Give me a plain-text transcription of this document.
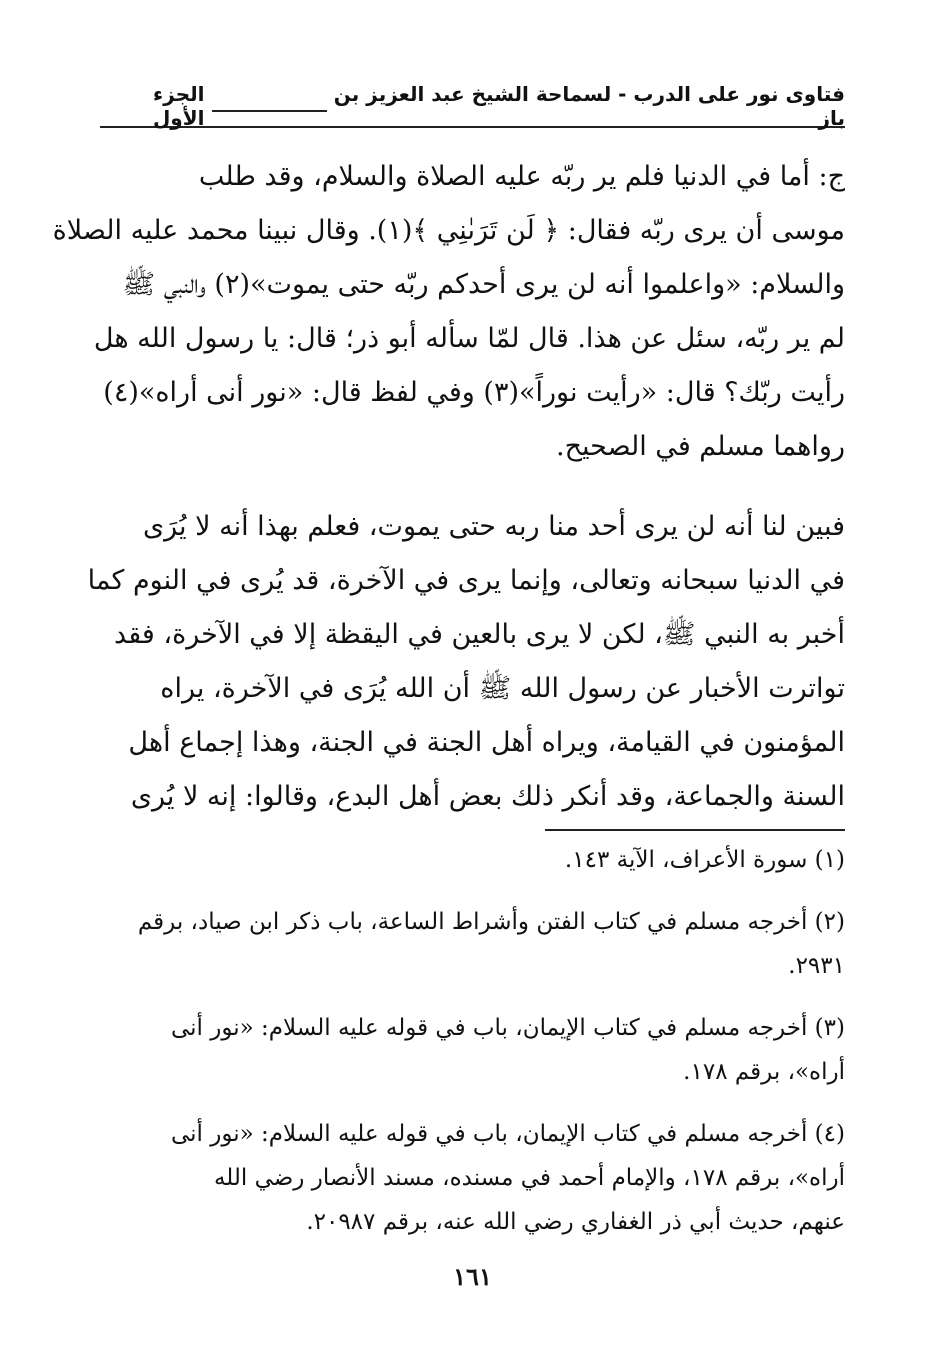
فتاوى نور على الدرب - لسماحة الشيخ عبد العزيز بن باز
الجزء الأول
ج: أما في الدنيا فلم ير ربّه عليه الصلاة والسلام، وقد طلب
موسى أن يرى ربّه فقال: ﴿ لَن تَرَىٰنِي ﴾(١). وقال نبينا محمد عليه الصلاة
والسلام: «واعلموا أنه لن يرى أحدكم ربّه حتى يموت»(٢) والنبي ﷺ
لم ير ربّه، سئل عن هذا. قال لمّا سأله أبو ذر؛ قال: يا رسول الله هل
رأيت ربّك؟ قال: «رأيت نوراً»(٣) وفي لفظ قال: «نور أنى أراه»(٤)
رواهما مسلم في الصحيح.
فبين لنا أنه لن يرى أحد منا ربه حتى يموت، فعلم بهذا أنه لا يُرَى
في الدنيا سبحانه وتعالى، وإنما يرى في الآخرة، قد يُرى في النوم كما
أخبر به النبي ﷺ، لكن لا يرى بالعين في اليقظة إلا في الآخرة، فقد
تواترت الأخبار عن رسول الله ﷺ أن الله يُرَى في الآخرة، يراه
المؤمنون في القيامة، ويراه أهل الجنة في الجنة، وهذا إجماع أهل
السنة والجماعة، وقد أنكر ذلك بعض أهل البدع، وقالوا: إنه لا يُرى
(١) سورة الأعراف، الآية ١٤٣.
(٢) أخرجه مسلم في كتاب الفتن وأشراط الساعة، باب ذكر ابن صياد، برقم
٢٩٣١.
(٣) أخرجه مسلم في كتاب الإيمان، باب في قوله عليه السلام: «نور أنى
أراه»، برقم ١٧٨.
(٤) أخرجه مسلم في كتاب الإيمان، باب في قوله عليه السلام: «نور أنى
أراه»، برقم ١٧٨، والإمام أحمد في مسنده، مسند الأنصار رضي الله
عنهم، حديث أبي ذر الغفاري رضي الله عنه، برقم ٢٠٩٨٧.
١٦١
